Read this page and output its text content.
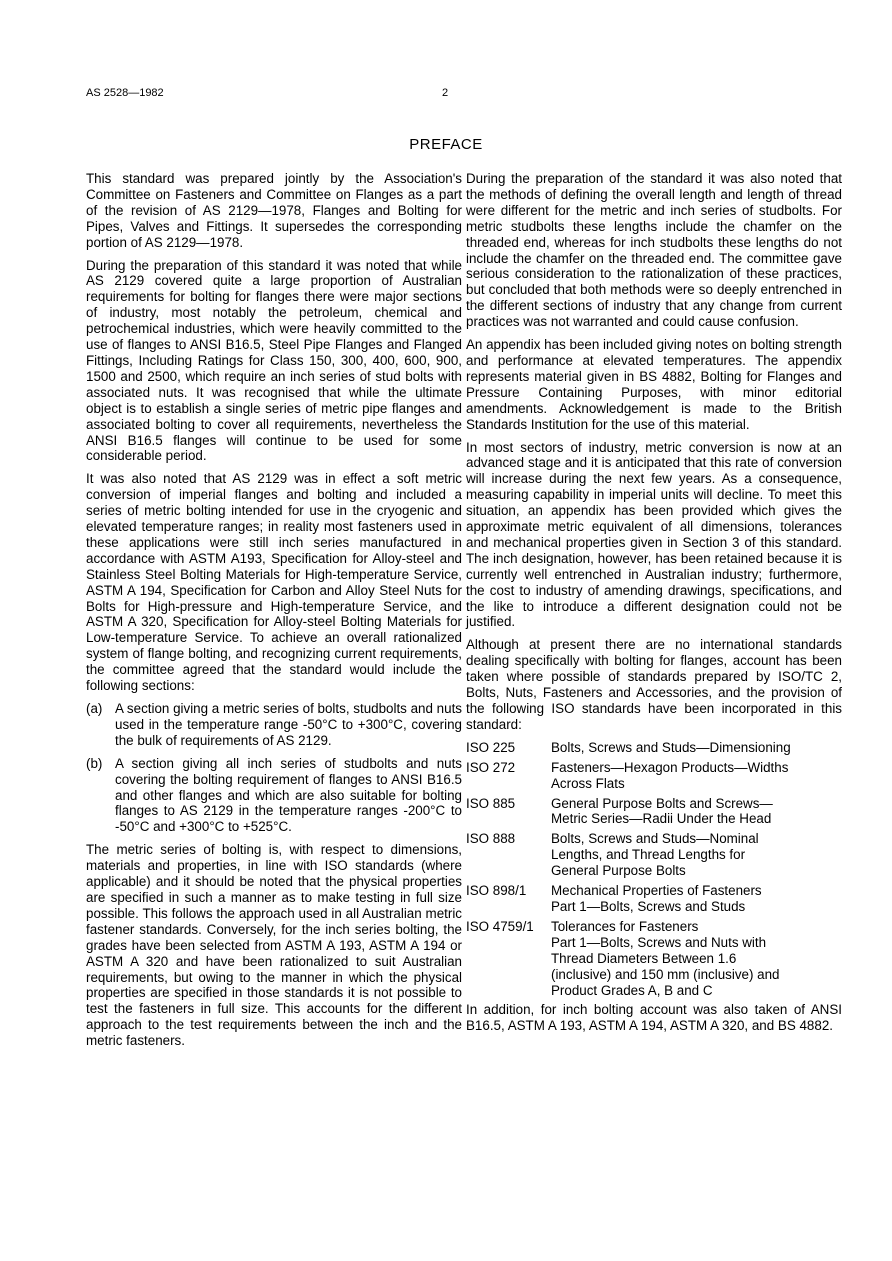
AS 2528—1982	2
PREFACE

This standard was prepared jointly by the Association's Committee on Fasteners and Committee on Flanges as a part of the revision of AS 2129—1978, Flanges and Bolting for Pipes, Valves and Fittings. It supersedes the corresponding portion of AS 2129—1978.

During the preparation of this standard it was noted that while AS 2129 covered quite a large proportion of Australian requirements for bolting for flanges there were major sections of industry, most notably the petroleum, chemical and petrochemical industries, which were heavily committed to the use of flanges to ANSI B16.5, Steel Pipe Flanges and Flanged Fittings, Including Ratings for Class 150, 300, 400, 600, 900, 1500 and 2500, which require an inch series of stud bolts with associated nuts. It was recognised that while the ultimate object is to establish a single series of metric pipe flanges and associated bolting to cover all requirements, nevertheless the ANSI B16.5 flanges will continue to be used for some considerable period.

It was also noted that AS 2129 was in effect a soft metric conversion of imperial flanges and bolting and included a series of metric bolting intended for use in the cryogenic and elevated temperature ranges; in reality most fasteners used in these applications were still inch series manufactured in accordance with ASTM A193, Specification for Alloy-steel and Stainless Steel Bolting Materials for High-temperature Service, ASTM A 194, Specification for Carbon and Alloy Steel Nuts for Bolts for High-pressure and High-temperature Service, and ASTM A 320, Specification for Alloy-steel Bolting Materials for Low-temperature Service. To achieve an overall rationalized system of flange bolting, and recognizing current requirements, the committee agreed that the standard would include the following sections:

(a) A section giving a metric series of bolts, studbolts and nuts used in the temperature range -50°C to +300°C, covering the bulk of requirements of AS 2129.
(b) A section giving all inch series of studbolts and nuts covering the bolting requirement of flanges to ANSI B16.5 and other flanges and which are also suitable for bolting flanges to AS 2129 in the temperature ranges -200°C to -50°C and +300°C to +525°C.

The metric series of bolting is, with respect to dimensions, materials and properties, in line with ISO standards (where applicable) and it should be noted that the physical properties are specified in such a manner as to make testing in full size possible. This follows the approach used in all Australian metric fastener standards. Conversely, for the inch series bolting, the grades have been selected from ASTM A 193, ASTM A 194 or ASTM A 320 and have been rationalized to suit Australian requirements, but owing to the manner in which the physical properties are specified in those standards it is not possible to test the fasteners in full size. This accounts for the different approach to the test requirements between the inch and the metric fasteners.

During the preparation of the standard it was also noted that the methods of defining the overall length and length of thread were different for the metric and inch series of studbolts. For metric studbolts these lengths include the chamfer on the threaded end, whereas for inch studbolts these lengths do not include the chamfer on the threaded end. The committee gave serious consideration to the rationalization of these practices, but concluded that both methods were so deeply entrenched in the different sections of industry that any change from current practices was not warranted and could cause confusion.

An appendix has been included giving notes on bolting strength and performance at elevated temperatures. The appendix represents material given in BS 4882, Bolting for Flanges and Pressure Containing Purposes, with minor editorial amendments. Acknowledgement is made to the British Standards Institution for the use of this material.

In most sectors of industry, metric conversion is now at an advanced stage and it is anticipated that this rate of conversion will increase during the next few years. As a consequence, measuring capability in imperial units will decline. To meet this situation, an appendix has been provided which gives the approximate metric equivalent of all dimensions, tolerances and mechanical properties given in Section 3 of this standard. The inch designation, however, has been retained because it is currently well entrenched in Australian industry; furthermore, the cost to industry of amending drawings, specifications, and the like to introduce a different designation could not be justified.

Although at present there are no international standards dealing specifically with bolting for flanges, account has been taken where possible of standards prepared by ISO/TC 2, Bolts, Nuts, Fasteners and Accessories, and the provision of the following ISO standards have been incorporated in this standard:

ISO 225	Bolts, Screws and Studs—Dimensioning
ISO 272	Fasteners—Hexagon Products—Widths
Across Flats
ISO 885	General Purpose Bolts and Screws—
Metric Series—Radii Under the Head
ISO 888	Bolts, Screws and Studs—Nominal
Lengths, and Thread Lengths for
General Purpose Bolts
ISO 898/1	Mechanical Properties of Fasteners
Part 1—Bolts, Screws and Studs
ISO 4759/1	Tolerances for Fasteners
Part 1—Bolts, Screws and Nuts with
Thread Diameters Between 1.6
(inclusive) and 150 mm (inclusive) and
Product Grades A, B and C

In addition, for inch bolting account was also taken of ANSI B16.5, ASTM A 193, ASTM A 194, ASTM A 320, and BS 4882.
